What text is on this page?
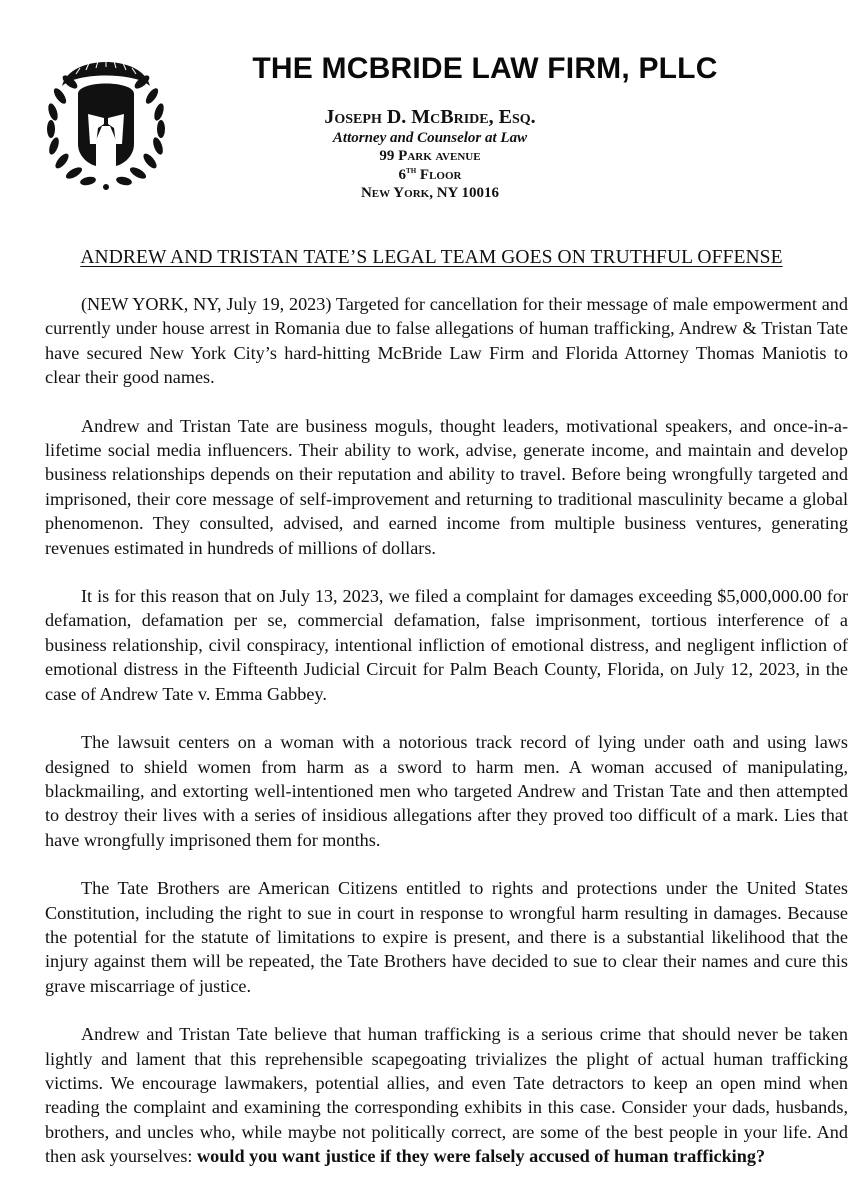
THE MCBRIDE LAW FIRM, PLLC
Joseph D. McBride, Esq.
Attorney and Counselor at Law
99 Park avenue
6th Floor
New York, NY 10016
ANDREW AND TRISTAN TATE’S LEGAL TEAM GOES ON TRUTHFUL OFFENSE

(NEW YORK, NY, July 19, 2023) Targeted for cancellation for their message of male empowerment and currently under house arrest in Romania due to false allegations of human trafficking, Andrew & Tristan Tate have secured New York City’s hard-hitting McBride Law Firm and Florida Attorney Thomas Maniotis to clear their good names.

Andrew and Tristan Tate are business moguls, thought leaders, motivational speakers, and once-in-a-lifetime social media influencers. Their ability to work, advise, generate income, and maintain and develop business relationships depends on their reputation and ability to travel. Before being wrongfully targeted and imprisoned, their core message of self-improvement and returning to traditional masculinity became a global phenomenon. They consulted, advised, and earned income from multiple business ventures, generating revenues estimated in hundreds of millions of dollars.

It is for this reason that on July 13, 2023, we filed a complaint for damages exceeding $5,000,000.00 for defamation, defamation per se, commercial defamation, false imprisonment, tortious interference of a business relationship, civil conspiracy, intentional infliction of emotional distress, and negligent infliction of emotional distress in the Fifteenth Judicial Circuit for Palm Beach County, Florida, on July 12, 2023, in the case of Andrew Tate v. Emma Gabbey.

The lawsuit centers on a woman with a notorious track record of lying under oath and using laws designed to shield women from harm as a sword to harm men. A woman accused of manipulating, blackmailing, and extorting well-intentioned men who targeted Andrew and Tristan Tate and then attempted to destroy their lives with a series of insidious allegations after they proved too difficult of a mark. Lies that have wrongfully imprisoned them for months.

The Tate Brothers are American Citizens entitled to rights and protections under the United States Constitution, including the right to sue in court in response to wrongful harm resulting in damages. Because the potential for the statute of limitations to expire is present, and there is a substantial likelihood that the injury against them will be repeated, the Tate Brothers have decided to sue to clear their names and cure this grave miscarriage of justice.

Andrew and Tristan Tate believe that human trafficking is a serious crime that should never be taken lightly and lament that this reprehensible scapegoating trivializes the plight of actual human trafficking victims. We encourage lawmakers, potential allies, and even Tate detractors to keep an open mind when reading the complaint and examining the corresponding exhibits in this case. Consider your dads, husbands, brothers, and uncles who, while maybe not politically correct, are some of the best people in your life. And then ask yourselves: would you want justice if they were falsely accused of human trafficking?
